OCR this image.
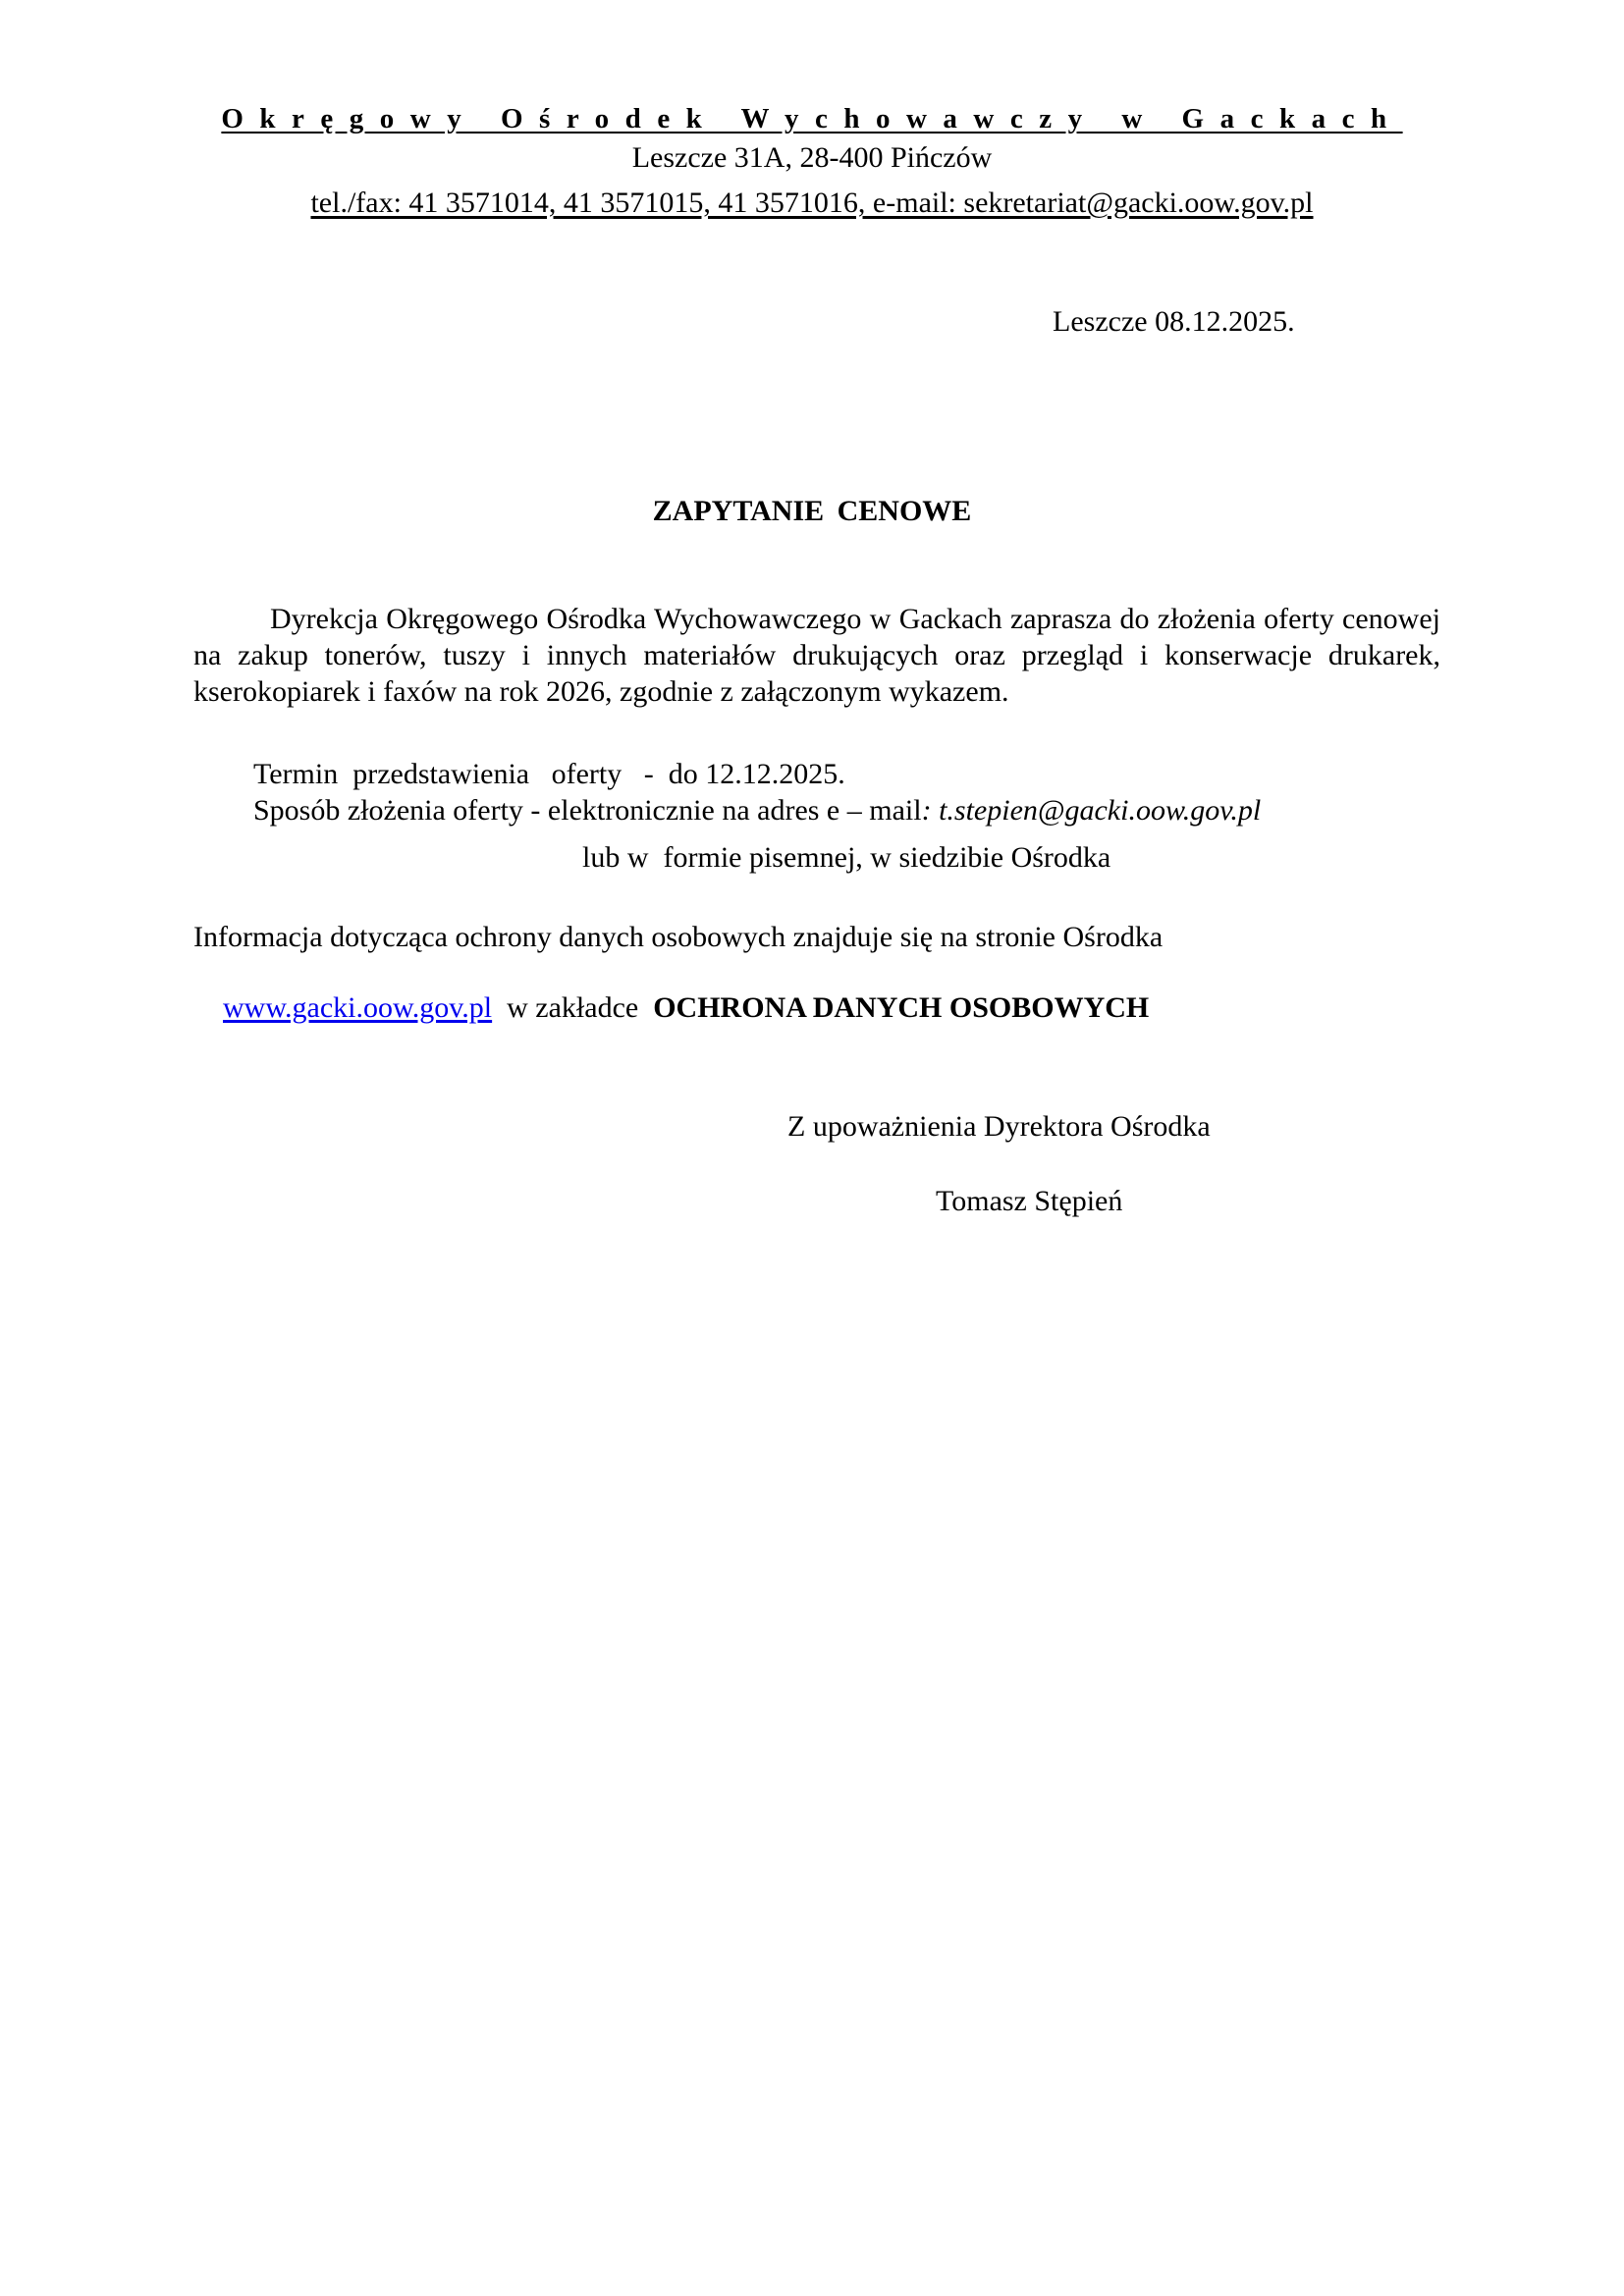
Okręgowy Ośrodek Wychowawczy w Gackach
Leszcze 31A, 28-400 Pińczów
tel./fax: 41 3571014, 41 3571015, 41 3571016, e-mail: sekretariat@gacki.oow.gov.pl
Leszcze 08.12.2025.
ZAPYTANIE CENOWE
Dyrekcja Okręgowego Ośrodka Wychowawczego w Gackach zaprasza do złożenia oferty cenowej na zakup tonerów, tuszy i innych materiałów drukujących oraz przegląd i konserwacje drukarek, kserokopiarek i faxów na rok 2026, zgodnie z załączonym wykazem.
Termin  przedstawienia   oferty   -  do 12.12.2025.
Sposób złożenia oferty - elektronicznie na adres e – mail: t.stepien@gacki.oow.gov.pl
lub w  formie pisemnej, w siedzibie Ośrodka
Informacja dotycząca ochrony danych osobowych znajduje się na stronie Ośrodka

www.gacki.oow.gov.pl  w zakładce  OCHRONA DANYCH OSOBOWYCH

Z upoważnienia Dyrektora Ośrodka
Tomasz Stępień
